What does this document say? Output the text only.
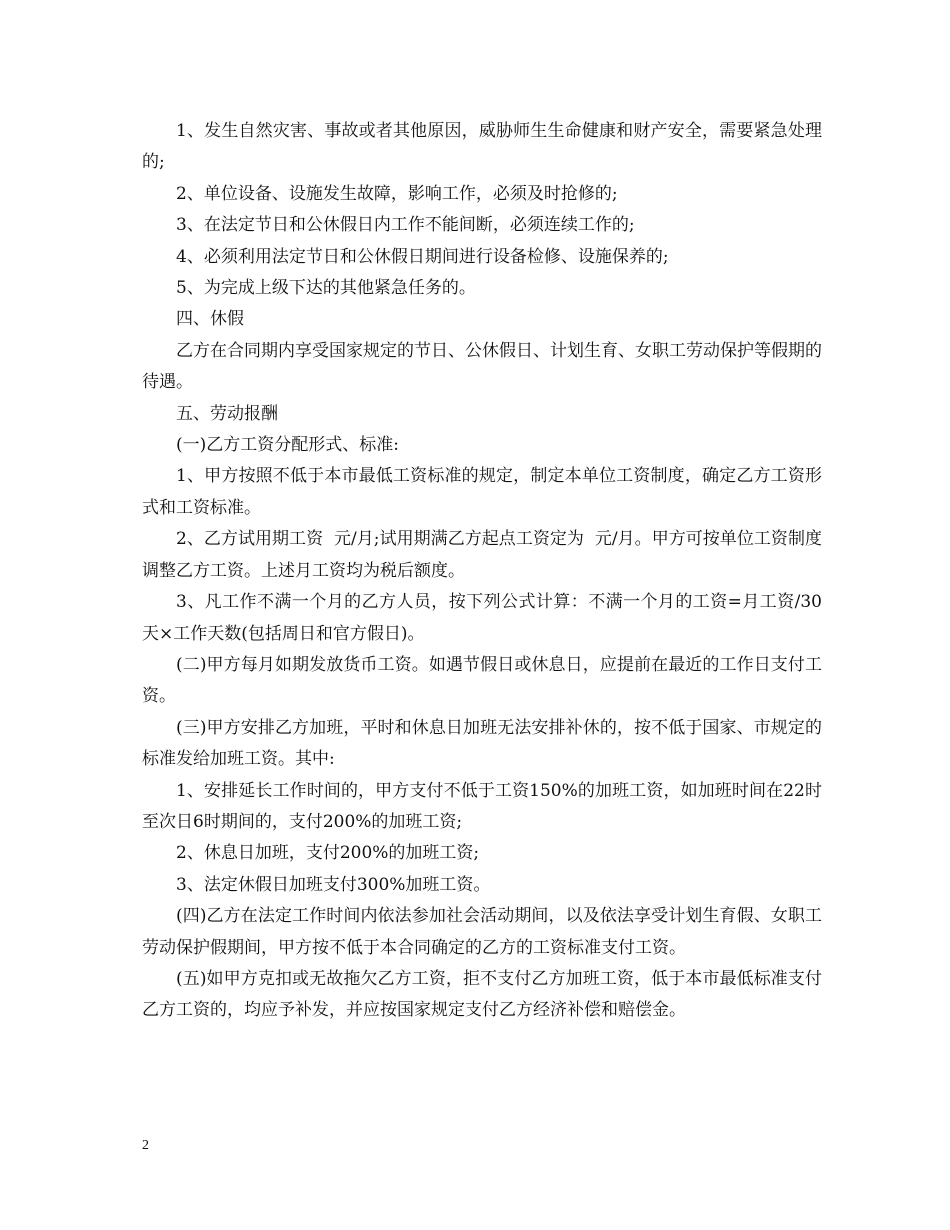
1、发生自然灾害、事故或者其他原因，威胁师生生命健康和财产安全，需要紧急处理的;

2、单位设备、设施发生故障，影响工作，必须及时抢修的;

3、在法定节日和公休假日内工作不能间断，必须连续工作的;

4、必须利用法定节日和公休假日期间进行设备检修、设施保养的;

5、为完成上级下达的其他紧急任务的。

四、休假

乙方在合同期内享受国家规定的节日、公休假日、计划生育、女职工劳动保护等假期的待遇。

五、劳动报酬

(一)乙方工资分配形式、标准:

1、甲方按照不低于本市最低工资标准的规定，制定本单位工资制度，确定乙方工资形式和工资标准。

2、乙方试用期工资  元/月;试用期满乙方起点工资定为  元/月。甲方可按单位工资制度调整乙方工资。上述月工资均为税后额度。

3、凡工作不满一个月的乙方人员，按下列公式计算：不满一个月的工资=月工资/30天×工作天数(包括周日和官方假日)。

(二)甲方每月如期发放货币工资。如遇节假日或休息日，应提前在最近的工作日支付工资。

(三)甲方安排乙方加班，平时和休息日加班无法安排补休的，按不低于国家、市规定的标准发给加班工资。其中:

1、安排延长工作时间的，甲方支付不低于工资150%的加班工资，如加班时间在22时至次日6时期间的，支付200%的加班工资;

2、休息日加班，支付200%的加班工资;

3、法定休假日加班支付300%加班工资。

(四)乙方在法定工作时间内依法参加社会活动期间，以及依法享受计划生育假、女职工劳动保护假期间，甲方按不低于本合同确定的乙方的工资标准支付工资。

(五)如甲方克扣或无故拖欠乙方工资，拒不支付乙方加班工资，低于本市最低标准支付乙方工资的，均应予补发，并应按国家规定支付乙方经济补偿和赔偿金。

2
